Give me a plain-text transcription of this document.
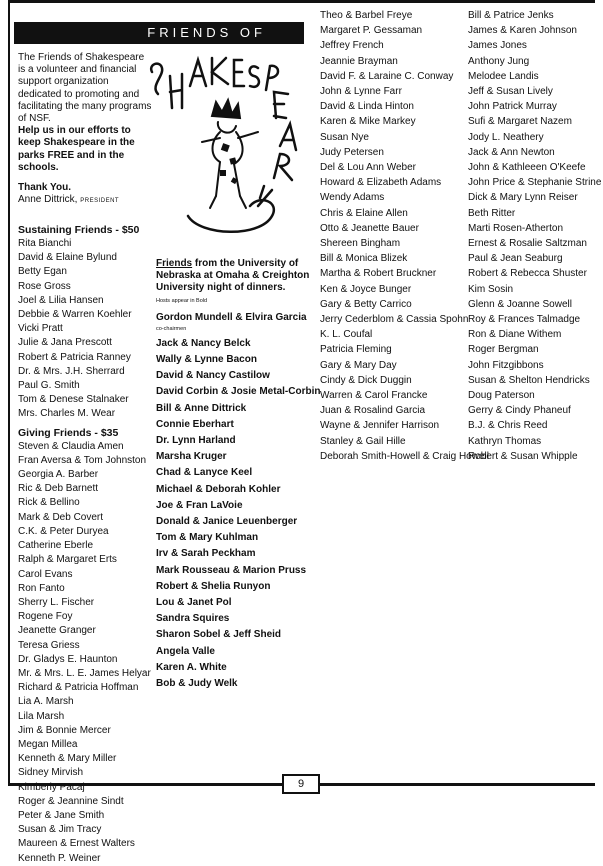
FRIENDS OF
The Friends of Shakespeare is a volunteer and financial support organization dedicated to promoting and facilitating the many programs of NSF.
Help us in our efforts to keep Shakespeare in the parks FREE and in the schools.
Thank You.
Anne Dittrick, PRESIDENT
Sustaining Friends - $50
Rita Bianchi
David & Elaine Bylund
Betty Egan
Rose Gross
Joel & Lilia Hansen
Debbie & Warren Koehler
Vicki Pratt
Julie & Jana Prescott
Robert & Patricia Ranney
Dr. & Mrs. J.H. Sherrard
Paul G. Smith
Tom & Denese Stalnaker
Mrs. Charles M. Wear
Giving Friends - $35
Steven & Claudia Amen
Fran Aversa & Tom Johnston
Georgia A. Barber
Ric & Deb Barnett
Rick & Bellino
Mark & Deb Covert
C.K. & Peter Duryea
Catherine Eberle
Ralph & Margaret Erts
Carol Evans
Ron Fanto
Sherry L. Fischer
Rogene Foy
Jeanette Granger
Teresa Griess
Dr. Gladys E. Haunton
Mr. & Mrs. L. E. James Helyar
Richard & Patricia Hoffman
Lia A. Marsh
Lila Marsh
Jim & Bonnie Mercer
Megan Millea
Kenneth & Mary Miller
Sidney Mirvish
Kimberly Pacaj
Roger & Jeannine Sindt
Peter & Jane Smith
Susan & Jim Tracy
Maureen & Ernest Walters
Kenneth P. Weiner
Friends from the University of Nebraska at Omaha & Creighton University night of dinners.
Hosts appear in Bold
Gordon Mundell & Elvira Garcia
co-chairmen
Jack & Nancy Belck
Wally & Lynne Bacon
David & Nancy Castilow
David Corbin & Josie Metal-Corbin
Bill & Anne Dittrick
Connie Eberhart
Dr. Lynn Harland
Marsha Kruger
Chad & Lanyce Keel
Michael & Deborah Kohler
Joe & Fran LaVoie
Donald & Janice Leuenberger
Tom & Mary Kuhlman
Irv & Sarah Peckham
Mark Rousseau & Marion Pruss
Robert & Shelia Runyon
Lou & Janet Pol
Sandra Squires
Sharon Sobel & Jeff Sheid
Angela Valle
Karen A. White
Bob & Judy Welk
Theo & Barbel Freye
Margaret P. Gessaman
Jeffrey French
Jeannie Brayman
David F. & Laraine C. Conway
John & Lynne Farr
David & Linda Hinton
Karen & Mike Markey
Susan Nye
Judy Petersen
Del & Lou Ann Weber
Howard & Elizabeth Adams
Wendy Adams
Chris & Elaine Allen
Otto & Jeanette Bauer
Shereen Bingham
Bill & Monica Blizek
Martha & Robert Bruckner
Ken & Joyce Bunger
Gary & Betty Carrico
Jerry Cederblom & Cassia Spohn
K. L. Coufal
Patricia Fleming
Gary & Mary Day
Cindy & Dick Duggin
Warren & Carol Francke
Juan & Rosalind Garcia
Wayne & Jennifer Harrison
Stanley & Gail Hille
Deborah Smith-Howell & Craig Howell
Bill & Patrice Jenks
James & Karen Johnson
James Jones
Anthony Jung
Melodee Landis
Jeff & Susan Lively
John Patrick Murray
Sufi & Margaret Nazem
Jody L. Neathery
Jack & Ann Newton
John & Kathleeen O'Keefe
John Price & Stephanie Strine
Dick & Mary Lynn Reiser
Beth Ritter
Marti Rosen-Atherton
Ernest & Rosalie Saltzman
Paul & Jean Seaburg
Robert & Rebecca Shuster
Kim Sosin
Glenn & Joanne Sowell
Roy & Frances Talmadge
Ron & Diane Withem
Roger Bergman
John Fitzgibbons
Susan & Shelton Hendricks
Doug Paterson
Gerry & Cindy Phaneuf
B.J. & Chris Reed
Kathryn Thomas
Robert & Susan Whipple
9
